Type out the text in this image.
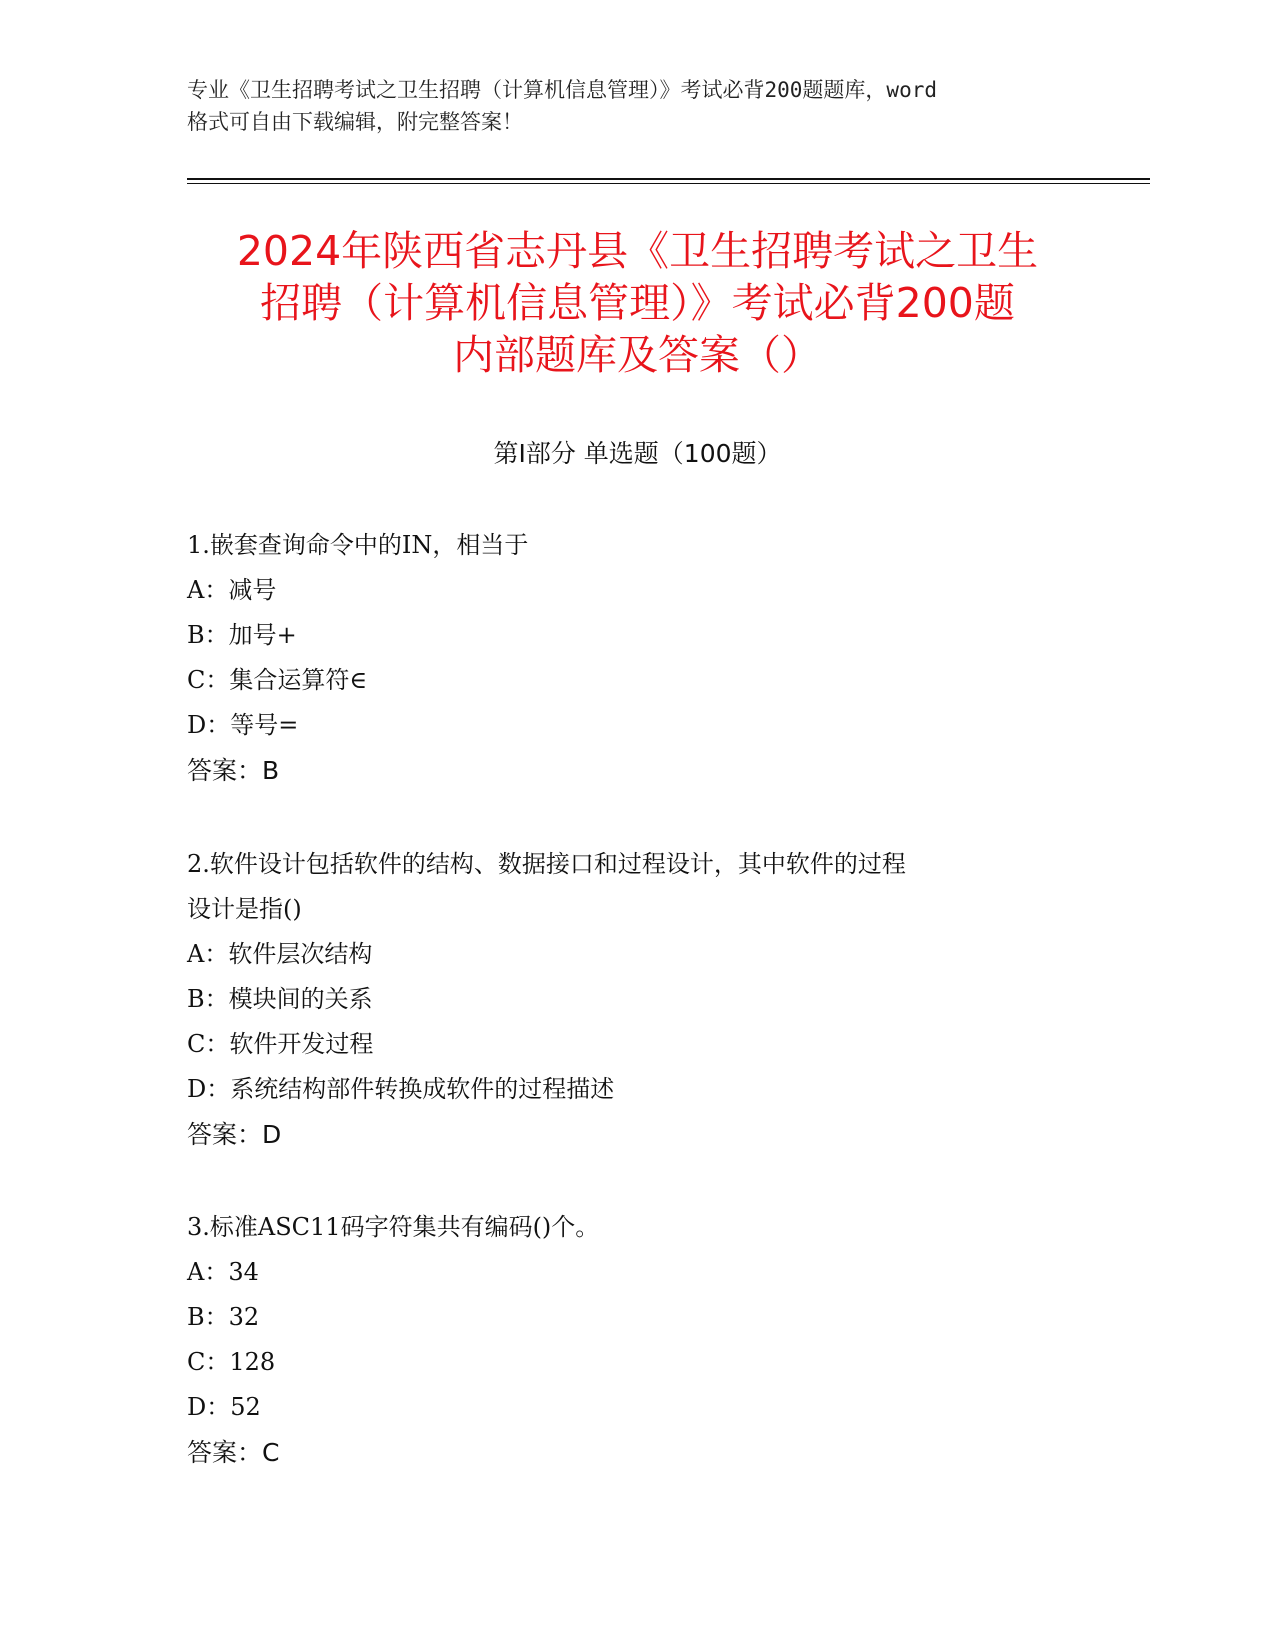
专业《卫生招聘考试之卫生招聘（计算机信息管理）》考试必背200题题库，word
格式可自由下载编辑，附完整答案！
2024年陕西省志丹县《卫生招聘考试之卫生
招聘（计算机信息管理）》考试必背200题
内部题库及答案（）
第Ⅰ部分 单选题（100题）
1.嵌套查询命令中的IN，相当于
A：减号
B：加号+
C：集合运算符∈
D：等号=
答案：B
2.软件设计包括软件的结构、数据接口和过程设计，其中软件的过程
设计是指()
A：软件层次结构
B：模块间的关系
C：软件开发过程
D：系统结构部件转换成软件的过程描述
答案：D
3.标准ASC11码字符集共有编码()个。
A：34
B：32
C：128
D：52
答案：C
